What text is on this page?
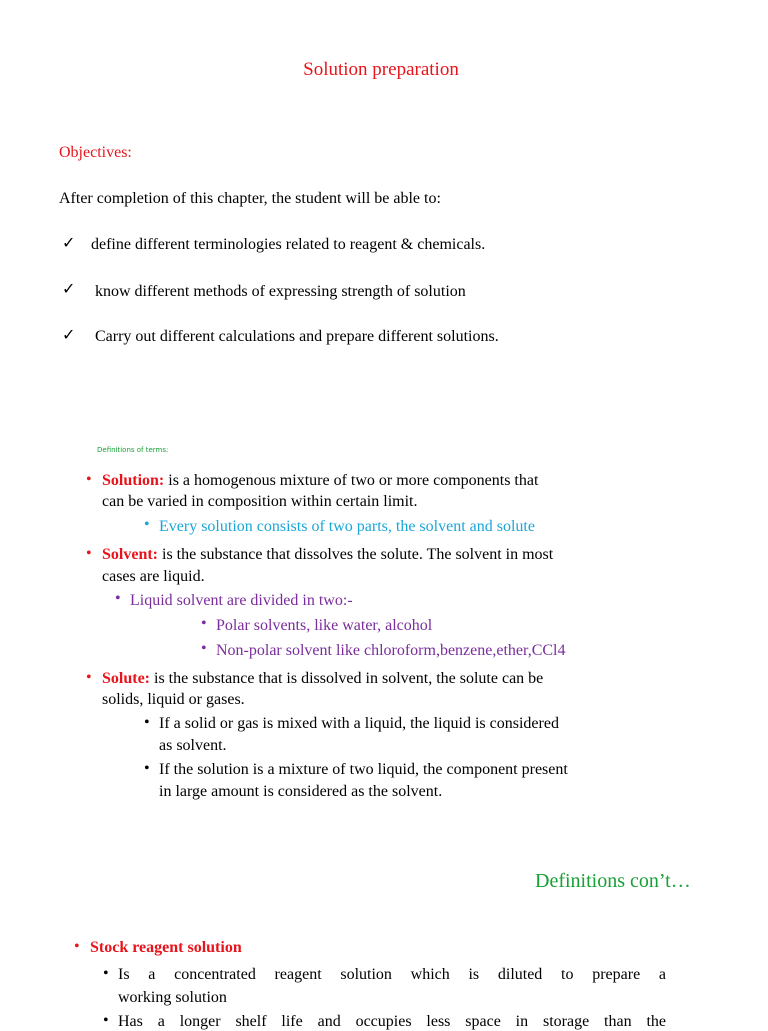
Solution preparation
Objectives:
After completion of this chapter, the student will be able to:
✓ define different terminologies related to reagent & chemicals.
✓ know different methods of expressing strength of solution
✓ Carry out different calculations and prepare different solutions.
Definitions of terms:
• Solution: is a homogenous mixture of two or more components that
can be varied in composition within certain limit.
• Every solution consists of two parts, the solvent and solute
• Solvent: is the substance that dissolves the solute. The solvent in most
cases are liquid.
• Liquid solvent are divided in two:-
• Polar solvents, like water, alcohol
• Non-polar solvent like chloroform,benzene,ether,CCl4
• Solute: is the substance that is dissolved in solvent, the solute can be
solids, liquid or gases.
• If a solid or gas is mixed with a liquid, the liquid is considered
as solvent.
• If the solution is a mixture of two liquid, the component present
in large amount is considered as the solvent.
Definitions con’t…
• Stock reagent solution
• Is a concentrated reagent solution which is diluted to prepare a
working solution
• Has a longer shelf life and occupies less space in storage than the
